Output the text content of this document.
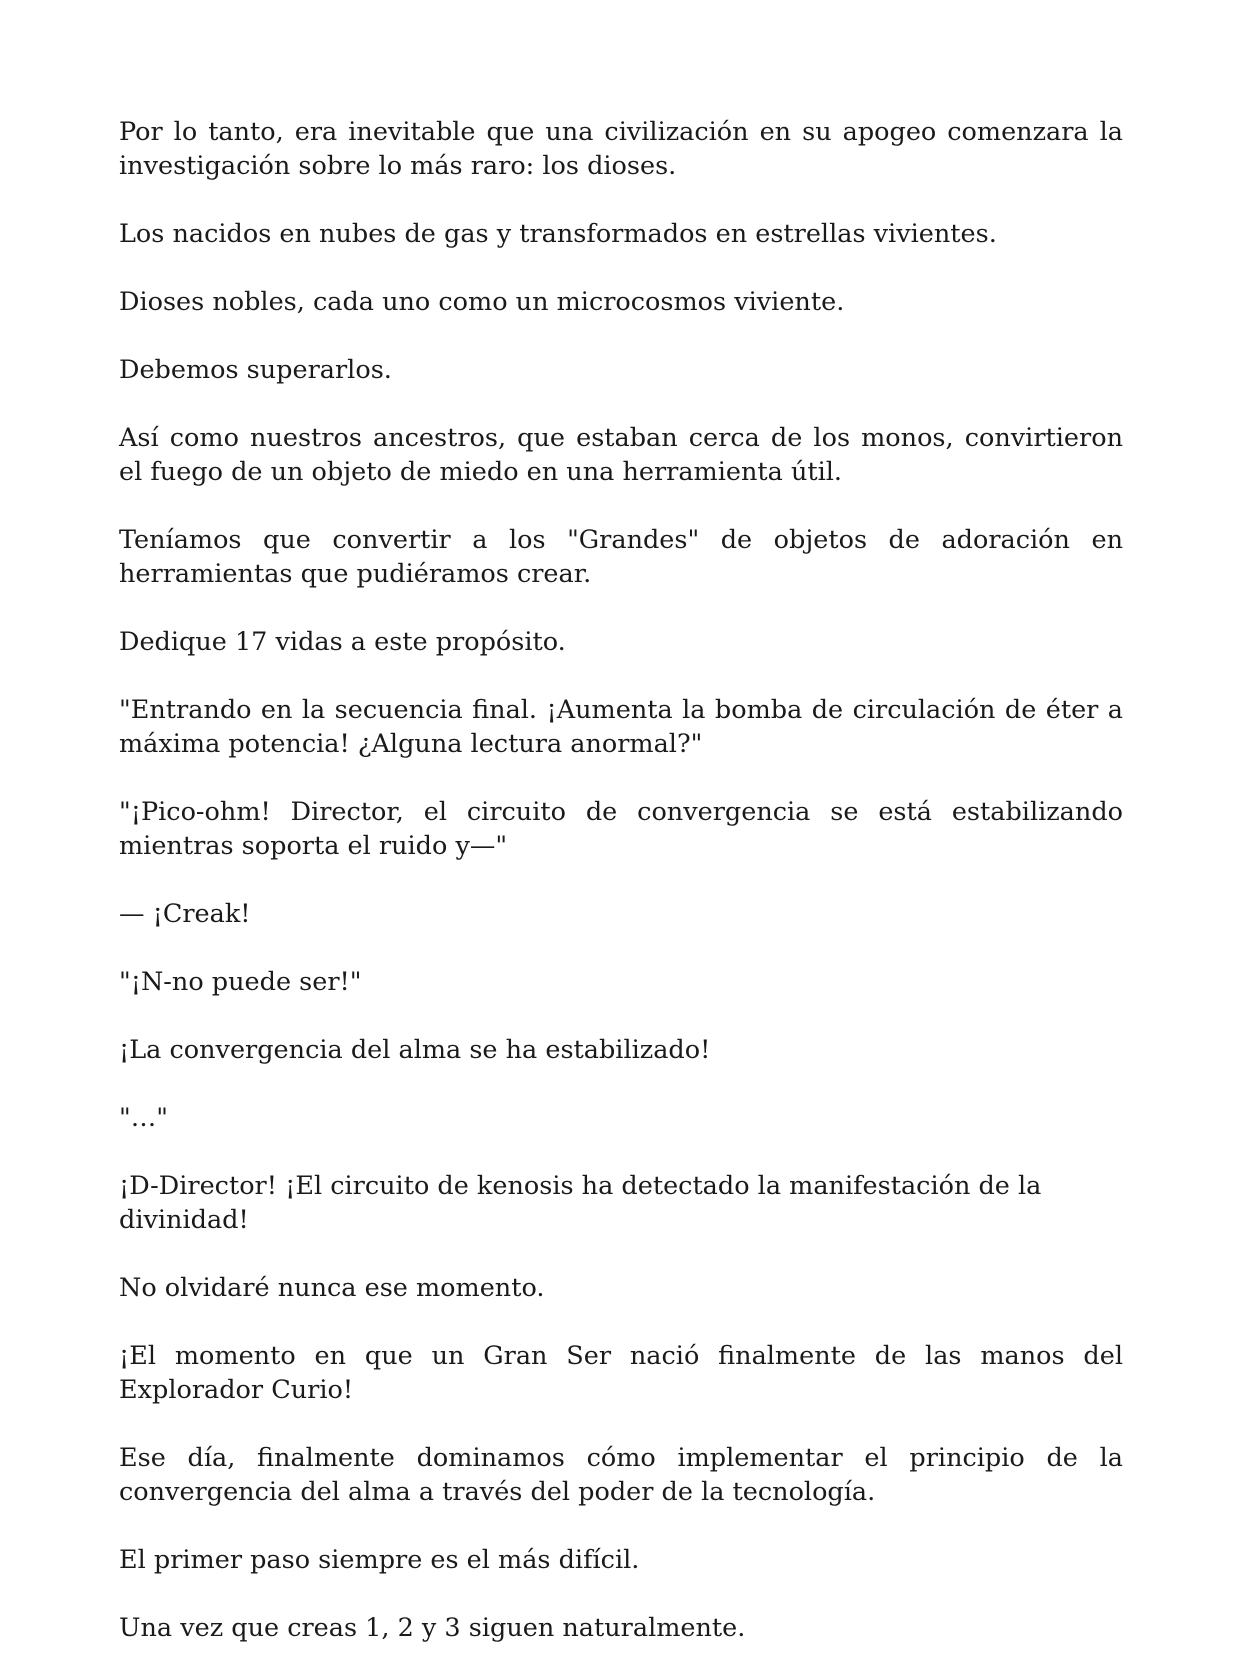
Por lo tanto, era inevitable que una civilización en su apogeo comenzara la investigación sobre lo más raro: los dioses.

Los nacidos en nubes de gas y transformados en estrellas vivientes.

Dioses nobles, cada uno como un microcosmos viviente.

Debemos superarlos.

Así como nuestros ancestros, que estaban cerca de los monos, convirtieron el fuego de un objeto de miedo en una herramienta útil.

Teníamos que convertir a los "Grandes" de objetos de adoración en herramientas que pudiéramos crear.

Dedique 17 vidas a este propósito.

"Entrando en la secuencia final. ¡Aumenta la bomba de circulación de éter a máxima potencia! ¿Alguna lectura anormal?"

"¡Pico-ohm! Director, el circuito de convergencia se está estabilizando mientras soporta el ruido y—"

— ¡Creak!

"¡N-no puede ser!"

¡La convergencia del alma se ha estabilizado!

"…"

¡D-Director! ¡El circuito de kenosis ha detectado la manifestación de la divinidad!

No olvidaré nunca ese momento.

¡El momento en que un Gran Ser nació finalmente de las manos del Explorador Curio!

Ese día, finalmente dominamos cómo implementar el principio de la convergencia del alma a través del poder de la tecnología.

El primer paso siempre es el más difícil.

Una vez que creas 1, 2 y 3 siguen naturalmente.
